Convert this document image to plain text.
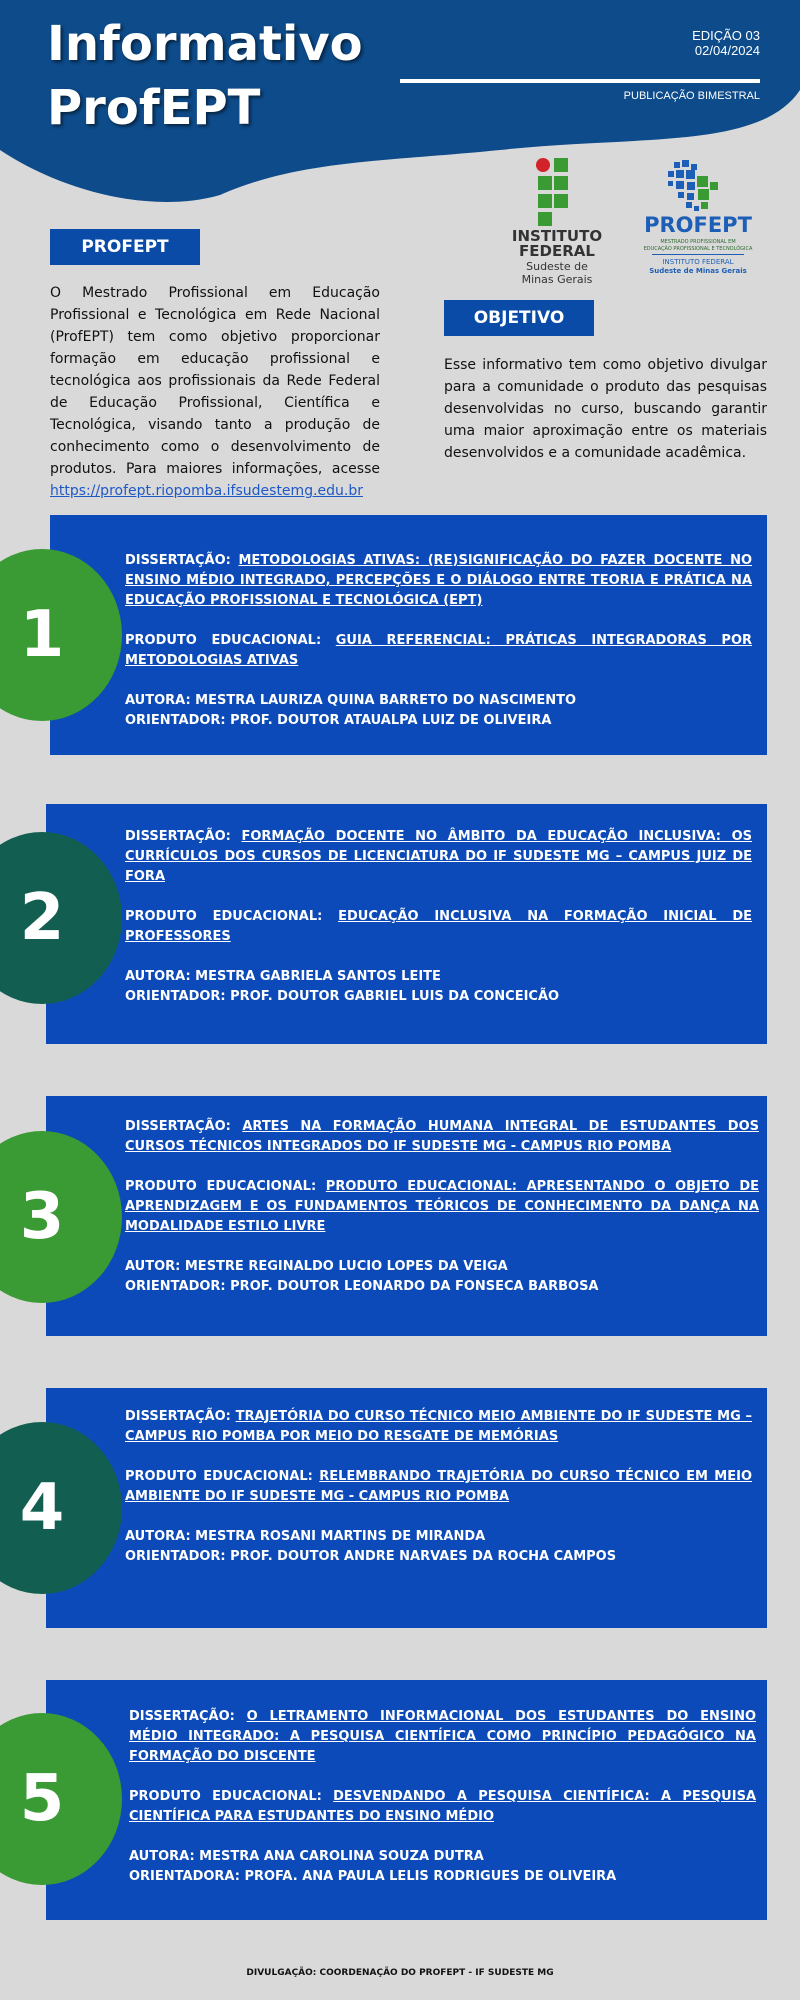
Informativo
ProfEPT
EDIÇÃO 03
02/04/2024
PUBLICAÇÃO BIMESTRAL
INSTITUTO
FEDERAL
Sudeste de
Minas Gerais
PROFEPT
MESTRADO PROFISSIONAL EM
EDUCAÇÃO PROFISSIONAL E TECNOLÓGICA
INSTITUTO FEDERAL
Sudeste de Minas Gerais
PROFEPT
O Mestrado Profissional em Educação Profissional e Tecnológica em Rede Nacional (ProfEPT) tem como objetivo proporcionar formação em educação profissional e tecnológica aos profissionais da Rede Federal de Educação Profissional, Científica e Tecnológica, visando tanto a produção de conhecimento como o desenvolvimento de produtos. Para maiores informações, acesse https://profept.riopomba.ifsudestemg.edu.br
OBJETIVO
Esse informativo tem como objetivo divulgar para a comunidade o produto das pesquisas desenvolvidas no curso, buscando garantir uma maior aproximação entre os materiais desenvolvidos e a comunidade acadêmica.
1

DISSERTAÇÃO: METODOLOGIAS ATIVAS: (RE)SIGNIFICAÇÃO DO FAZER DOCENTE NO ENSINO MÉDIO INTEGRADO, PERCEPÇÕES E O DIÁLOGO ENTRE TEORIA E PRÁTICA NA EDUCAÇÃO PROFISSIONAL E TECNOLÓGICA (EPT)

PRODUTO EDUCACIONAL: GUIA REFERENCIAL: PRÁTICAS INTEGRADORAS POR METODOLOGIAS ATIVAS

AUTORA: MESTRA LAURIZA QUINA BARRETO DO NASCIMENTO
ORIENTADOR: PROF. DOUTOR ATAUALPA LUIZ DE OLIVEIRA

2

DISSERTAÇÃO: FORMAÇÃO DOCENTE NO ÂMBITO DA EDUCAÇÃO INCLUSIVA: OS CURRÍCULOS DOS CURSOS DE LICENCIATURA DO IF SUDESTE MG – CAMPUS JUIZ DE FORA

PRODUTO EDUCACIONAL: EDUCAÇÃO INCLUSIVA NA FORMAÇÃO INICIAL DE PROFESSORES

AUTORA: MESTRA GABRIELA SANTOS LEITE
ORIENTADOR: PROF. DOUTOR GABRIEL LUIS DA CONCEICÃO

3

DISSERTAÇÃO: ARTES NA FORMAÇÃO HUMANA INTEGRAL DE ESTUDANTES DOS CURSOS TÉCNICOS INTEGRADOS DO IF SUDESTE MG - CAMPUS RIO POMBA

PRODUTO EDUCACIONAL: PRODUTO EDUCACIONAL: APRESENTANDO O OBJETO DE APRENDIZAGEM E OS FUNDAMENTOS TEÓRICOS DE CONHECIMENTO DA DANÇA NA MODALIDADE ESTILO LIVRE

AUTOR: MESTRE REGINALDO LUCIO LOPES DA VEIGA
ORIENTADOR: PROF. DOUTOR LEONARDO DA FONSECA BARBOSA

4

DISSERTAÇÃO: TRAJETÓRIA DO CURSO TÉCNICO MEIO AMBIENTE DO IF SUDESTE MG – CAMPUS RIO POMBA POR MEIO DO RESGATE DE MEMÓRIAS

PRODUTO EDUCACIONAL: RELEMBRANDO TRAJETÓRIA DO CURSO TÉCNICO EM MEIO AMBIENTE DO IF SUDESTE MG - CAMPUS RIO POMBA

AUTORA: MESTRA ROSANI MARTINS DE MIRANDA
ORIENTADOR: PROF. DOUTOR ANDRE NARVAES DA ROCHA CAMPOS

5

DISSERTAÇÃO: O LETRAMENTO INFORMACIONAL DOS ESTUDANTES DO ENSINO MÉDIO INTEGRADO: A PESQUISA CIENTÍFICA COMO PRINCÍPIO PEDAGÓGICO NA FORMAÇÃO DO DISCENTE

PRODUTO EDUCACIONAL: DESVENDANDO A PESQUISA CIENTÍFICA: A PESQUISA CIENTÍFICA PARA ESTUDANTES DO ENSINO MÉDIO

AUTORA: MESTRA ANA CAROLINA SOUZA DUTRA
ORIENTADORA: PROFA. ANA PAULA LELIS RODRIGUES DE OLIVEIRA

DIVULGAÇÃO: COORDENAÇÃO DO PROFEPT - IF SUDESTE MG
